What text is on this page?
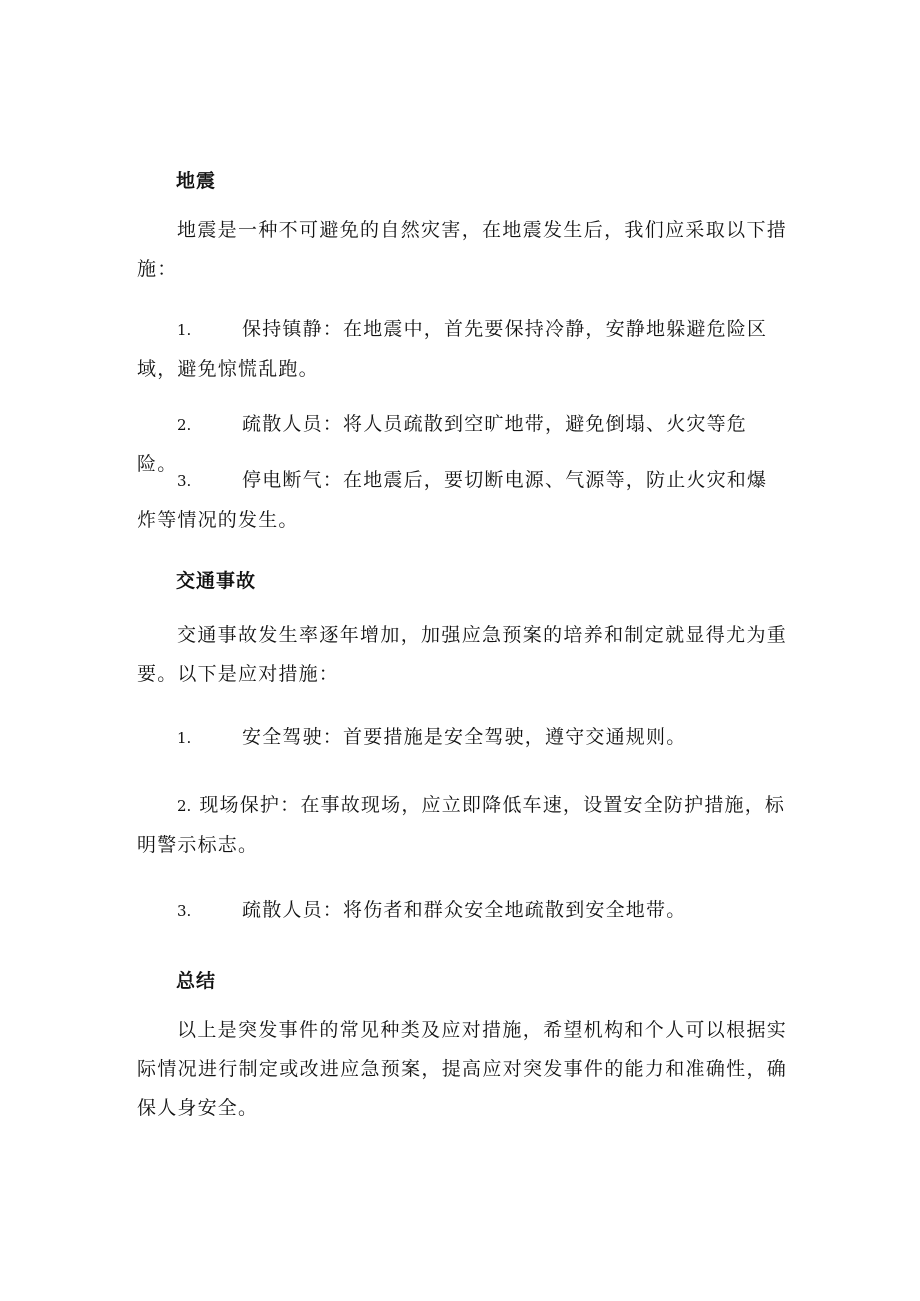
地震

地震是一种不可避免的自然灾害，在地震发生后，我们应采取以下措施：

1.	保持镇静：在地震中，首先要保持冷静，安静地躲避危险区域，避免惊慌乱跑。

2.	疏散人员：将人员疏散到空旷地带，避免倒塌、火灾等危险。

3.	停电断气：在地震后，要切断电源、气源等，防止火灾和爆炸等情况的发生。

交通事故

交通事故发生率逐年增加，加强应急预案的培养和制定就显得尤为重要。以下是应对措施：

1.	安全驾驶：首要措施是安全驾驶，遵守交通规则。

2. 现场保护：在事故现场，应立即降低车速，设置安全防护措施，标明警示标志。

3.	疏散人员：将伤者和群众安全地疏散到安全地带。

总结

以上是突发事件的常见种类及应对措施，希望机构和个人可以根据实际情况进行制定或改进应急预案，提高应对突发事件的能力和准确性，确保人身安全。
